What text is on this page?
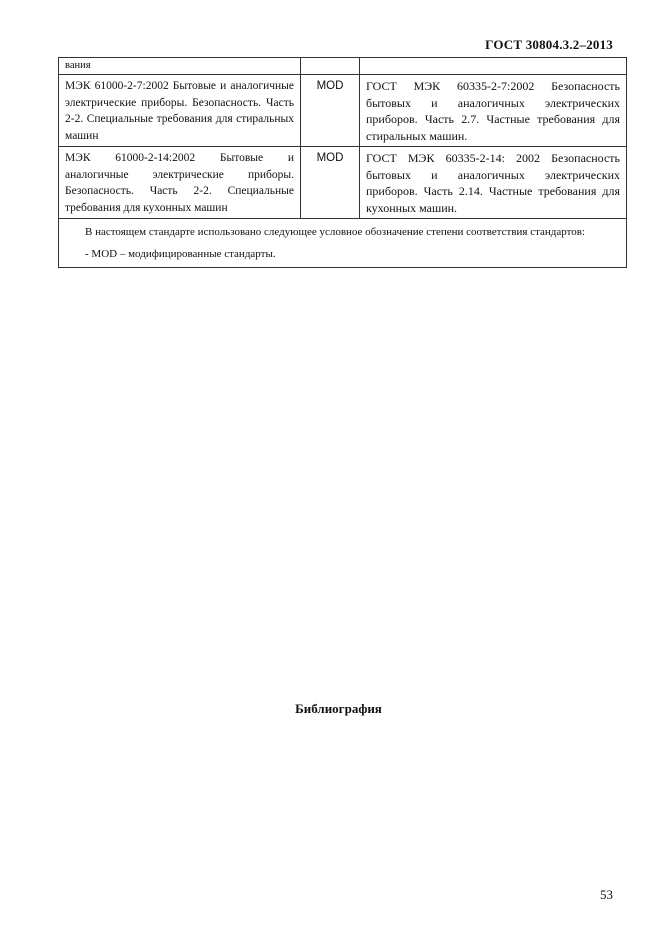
ГОСТ 30804.3.2–2013
вания		
МЭК 61000-2-7:2002 Бытовые и аналогичные электрические приборы. Безопасность. Часть 2-2. Специальные требования для стиральных машин	MOD	ГОСТ МЭК 60335-2-7:2002 Безопасность бытовых и аналогичных электрических приборов. Часть 2.7. Частные требования для стиральных машин.
МЭК 61000-2-14:2002 Бытовые и аналогичные электрические приборы. Безопасность. Часть 2-2. Специальные требования для кухонных машин	MOD	ГОСТ МЭК 60335-2-14: 2002 Безопасность бытовых и аналогичных электрических приборов. Часть 2.14. Частные требования для кухонных машин.

В настоящем стандарте использовано следующее условное обозначение степени соответствия стандартов:

- MOD – модифицированные стандарты.		

Библиография
53
